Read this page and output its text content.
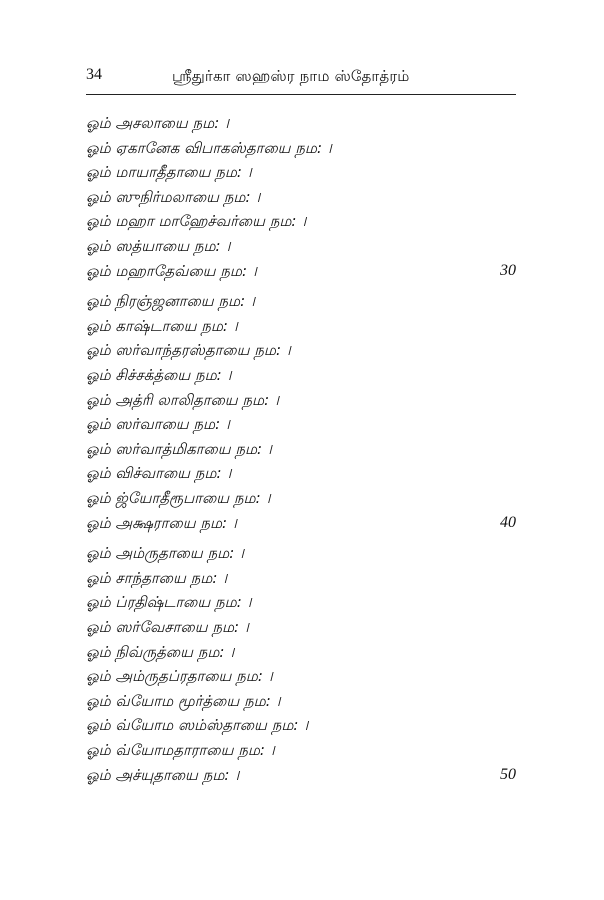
34	ஸ்ரீதுர்கா ஸஹஸ்ர நாம ஸ்தோத்ரம்
ஓம் அசலாயை நம: ।
ஓம் ஏகானேக விபாகஸ்தாயை நம: ।
ஓம் மாயாதீதாயை நம: ।
ஓம் ஸுநிர்மலாயை நம: ।
ஓம் மஹா மாஹேச்வர்யை நம: ।
ஓம் ஸத்யாயை நம: ।
ஓம் மஹாதேவ்யை நம: ।	30
ஓம் நிரஞ்ஜனாயை நம: ।
ஓம் காஷ்டாயை நம: ।
ஓம் ஸர்வாந்தரஸ்தாயை நம: ।
ஓம் சிச்சக்த்யை நம: ।
ஓம் அத்ரி லாலிதாயை நம: ।
ஓம் ஸர்வாயை நம: ।
ஓம் ஸர்வாத்மிகாயை நம: ।
ஓம் விச்வாயை நம: ।
ஓம் ஜ்யோதீரூபாயை நம: ।
ஓம் அக்ஷராயை நம: ।	40
ஓம் அம்ருதாயை நம: ।
ஓம் சாந்தாயை நம: ।
ஓம் ப்ரதிஷ்டாயை நம: ।
ஓம் ஸர்வேசாயை நம: ।
ஓம் நிவ்ருத்யை நம: ।
ஓம் அம்ருதப்ரதாயை நம: ।
ஓம் வ்யோம மூர்த்யை நம: ।
ஓம் வ்யோம ஸம்ஸ்தாயை நம: ।
ஓம் வ்யோமதாராயை நம: ।
ஓம் அச்யுதாயை நம: ।	50
